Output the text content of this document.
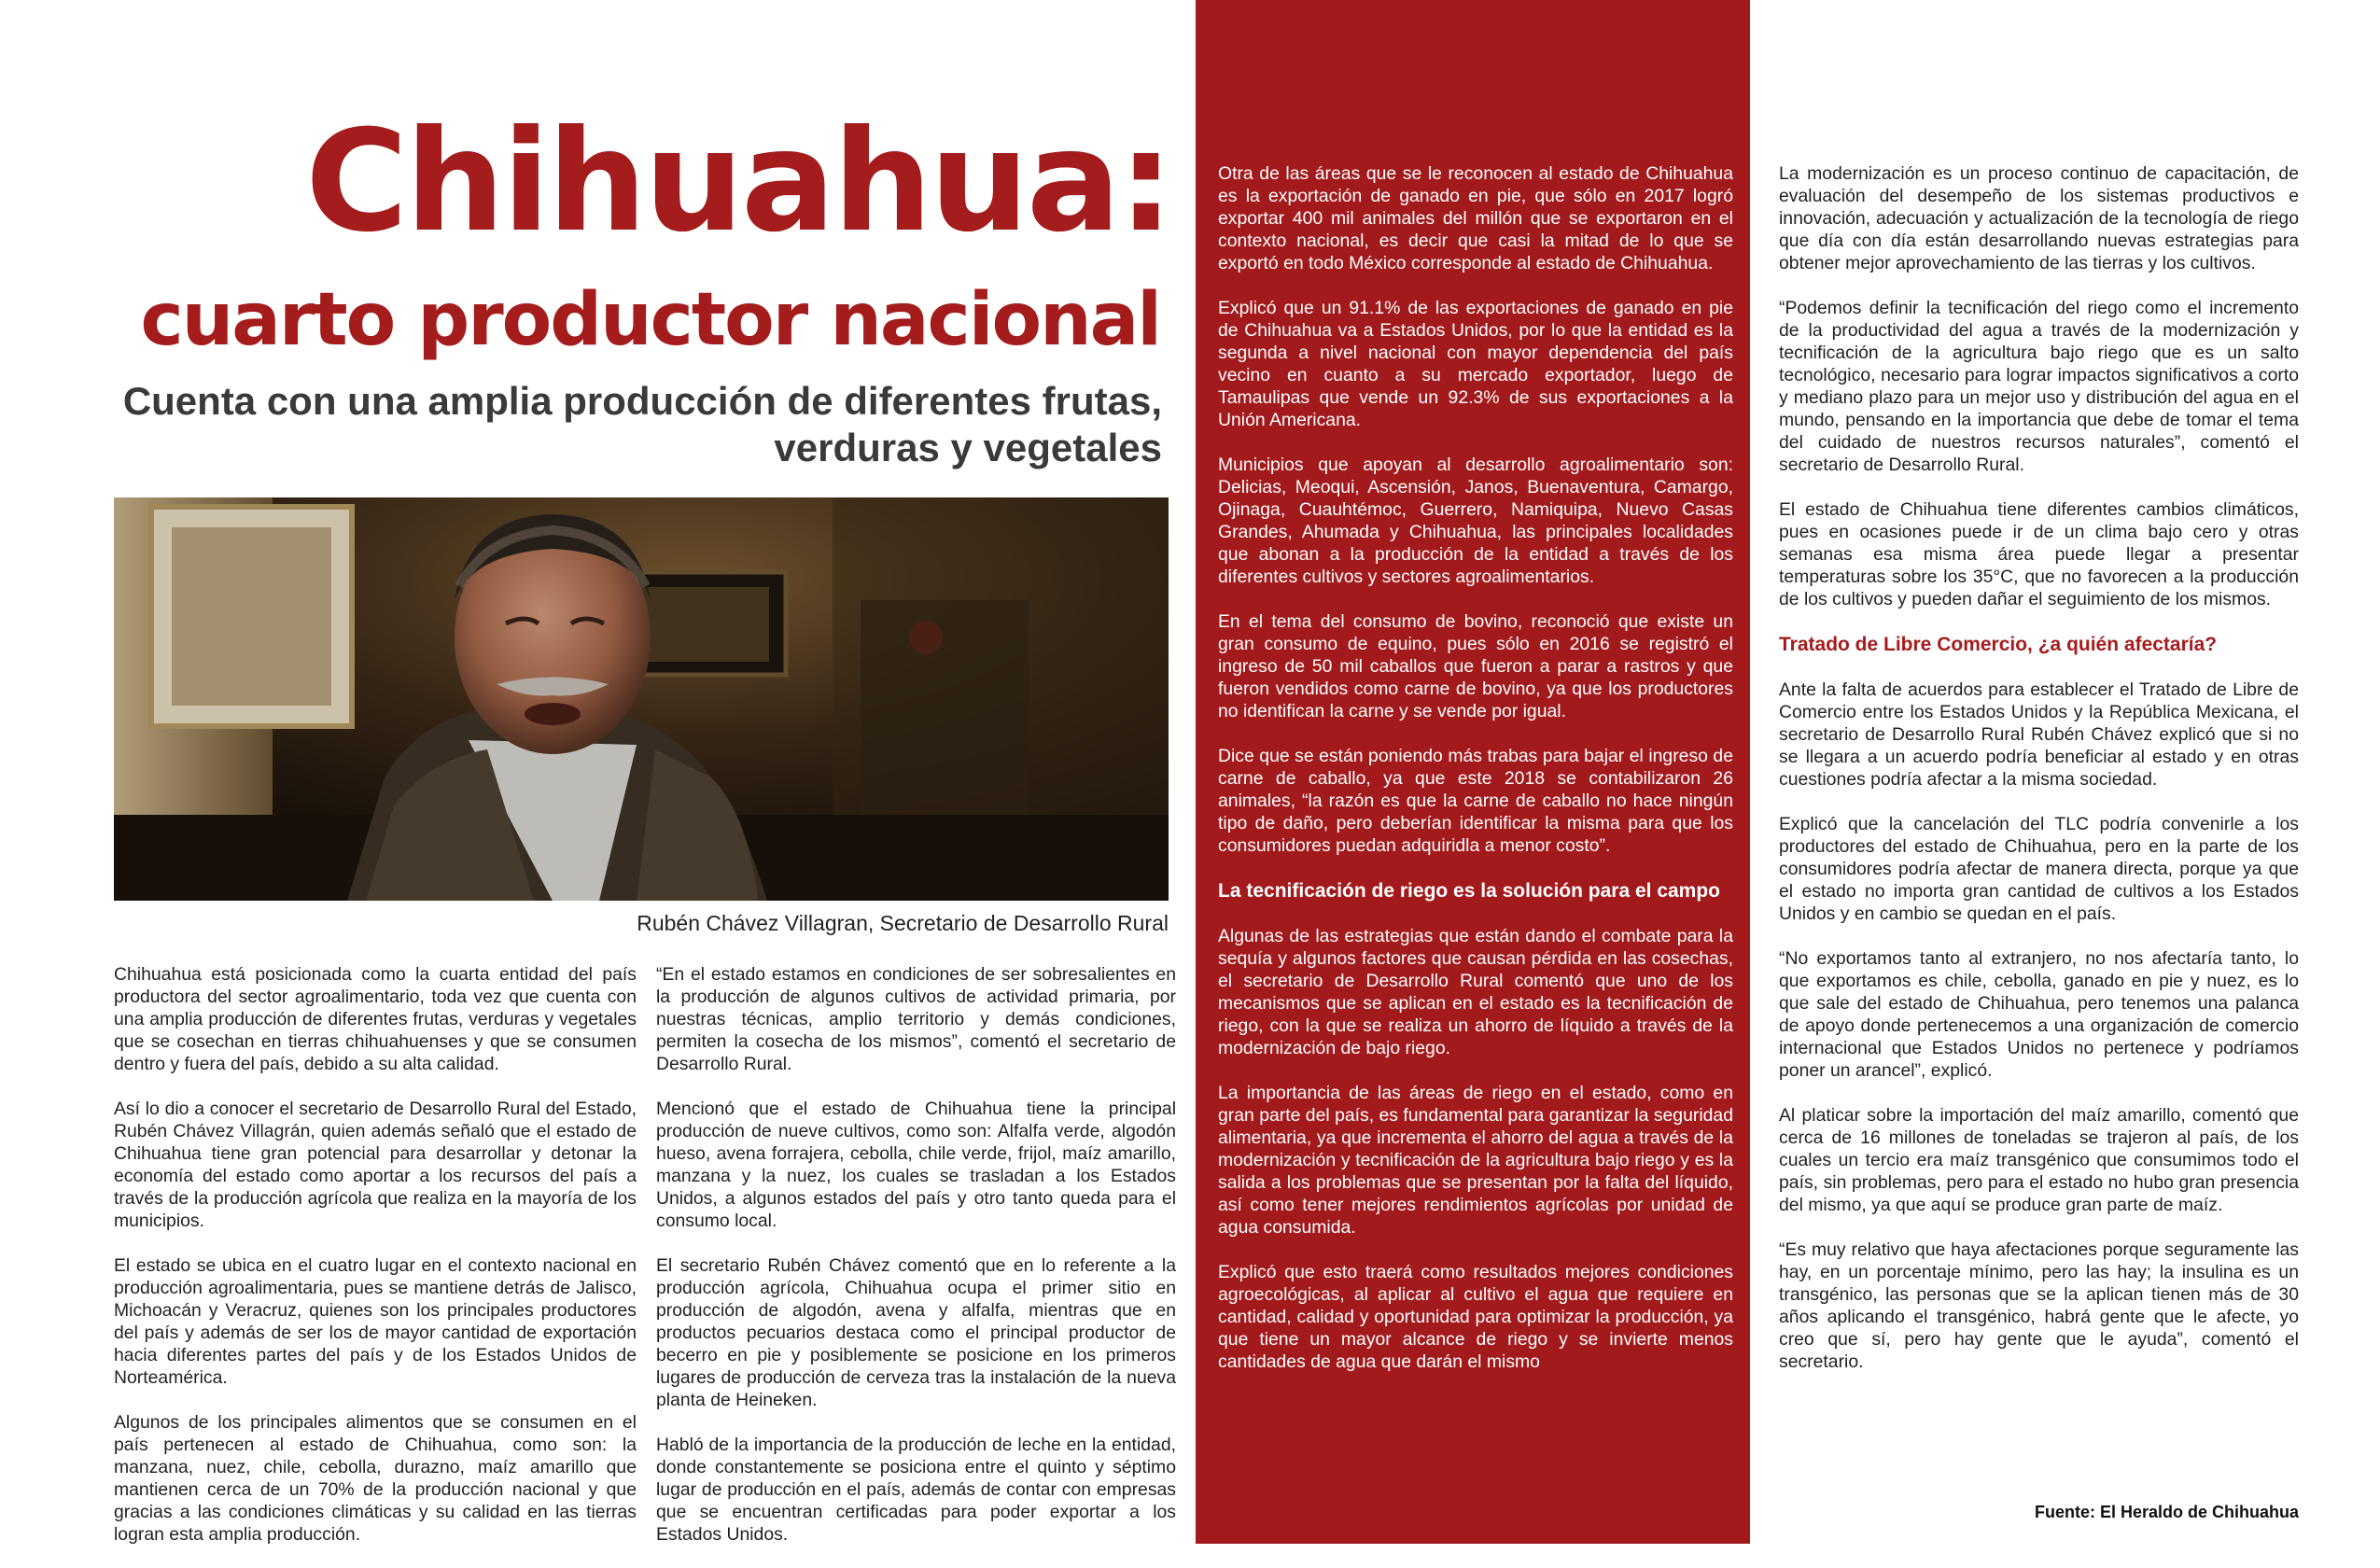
Chihuahua:
cuarto productor nacional
Cuenta con una amplia producción de diferentes frutas,
verduras y vegetales
Rubén Chávez Villagran, Secretario de Desarrollo Rural

Chihuahua está posicionada como la cuarta entidad del país productora del sector agroalimentario, toda vez que cuenta con una amplia producción de diferentes frutas, verduras y vegetales que se cosechan en tierras chihuahuenses y que se consumen dentro y fuera del país, debido a su alta calidad.

Así lo dio a conocer el secretario de Desarrollo Rural del Estado, Rubén Chávez Villagrán, quien además señaló que el estado de Chihuahua tiene gran potencial para desarrollar y detonar la economía del estado como aportar a los recursos del país a través de la producción agrícola que realiza en la mayoría de los municipios.

El estado se ubica en el cuatro lugar en el contexto nacional en producción agroalimentaria, pues se mantiene detrás de Jalisco, Michoacán y Veracruz, quienes son los principales productores del país y además de ser los de mayor cantidad de exportación hacia diferentes partes del país y de los Estados Unidos de Norteamérica.

Algunos de los principales alimentos que se consumen en el país pertenecen al estado de Chihuahua, como son: la manzana, nuez, chile, cebolla, durazno, maíz amarillo que mantienen cerca de un 70% de la producción nacional y que gracias a las condiciones climáticas y su calidad en las tierras logran esta amplia producción.

“En el estado estamos en condiciones de ser sobresalientes en la producción de algunos cultivos de actividad primaria, por nuestras técnicas, amplio territorio y demás condiciones, permiten la cosecha de los mismos”, comentó el secretario de Desarrollo Rural.

Mencionó que el estado de Chihuahua tiene la principal producción de nueve cultivos, como son: Alfalfa verde, algodón hueso, avena forrajera, cebolla, chile verde, frijol, maíz amarillo, manzana y la nuez, los cuales se trasladan a los Estados Unidos, a algunos estados del país y otro tanto queda para el consumo local.

El secretario Rubén Chávez comentó que en lo referente a la producción agrícola, Chihuahua ocupa el primer sitio en producción de algodón, avena y alfalfa, mientras que en productos pecuarios destaca como el principal productor de becerro en pie y posiblemente se posicione en los primeros lugares de producción de cerveza tras la instalación de la nueva planta de Heineken.

Habló de la importancia de la producción de leche en la entidad, donde constantemente se posiciona entre el quinto y séptimo lugar de producción en el país, además de contar con empresas que se encuentran certificadas para poder exportar a los Estados Unidos.

Otra de las áreas que se le reconocen al estado de Chihuahua es la exportación de ganado en pie, que sólo en 2017 logró exportar 400 mil animales del millón que se exportaron en el contexto nacional, es decir que casi la mitad de lo que se exportó en todo México corresponde al estado de Chihuahua.

Explicó que un 91.1% de las exportaciones de ganado en pie de Chihuahua va a Estados Unidos, por lo que la entidad es la segunda a nivel nacional con mayor dependencia del país vecino en cuanto a su mercado exportador, luego de Tamaulipas que vende un 92.3% de sus exportaciones a la Unión Americana.

Municipios que apoyan al desarrollo agroalimentario son: Delicias, Meoqui, Ascensión, Janos, Buenaventura, Camargo, Ojinaga, Cuauhtémoc, Guerrero, Namiquipa, Nuevo Casas Grandes, Ahumada y Chihuahua, las principales localidades que abonan a la producción de la entidad a través de los diferentes cultivos y sectores agroalimentarios.

En el tema del consumo de bovino, reconoció que existe un gran consumo de equino, pues sólo en 2016 se registró el ingreso de 50 mil caballos que fueron a parar a rastros y que fueron vendidos como carne de bovino, ya que los productores no identifican la carne y se vende por igual.

Dice que se están poniendo más trabas para bajar el ingreso de carne de caballo, ya que este 2018 se contabilizaron 26 animales, “la razón es que la carne de caballo no hace ningún tipo de daño, pero deberían identificar la misma para que los consumidores puedan adquiridla a menor costo”.

La tecnificación de riego es la solución para el campo

Algunas de las estrategias que están dando el combate para la sequía y algunos factores que causan pérdida en las cosechas, el secretario de Desarrollo Rural comentó que uno de los mecanismos que se aplican en el estado es la tecnificación de riego, con la que se realiza un ahorro de líquido a través de la modernización de bajo riego.

La importancia de las áreas de riego en el estado, como en gran parte del país, es fundamental para garantizar la seguridad alimentaria, ya que incrementa el ahorro del agua a través de la modernización y tecnificación de la agricultura bajo riego y es la salida a los problemas que se presentan por la falta del líquido, así como tener mejores rendimientos agrícolas por unidad de agua consumida.

Explicó que esto traerá como resultados mejores condiciones agroecológicas, al aplicar al cultivo el agua que requiere en cantidad, calidad y oportunidad para optimizar la producción, ya que tiene un mayor alcance de riego y se invierte menos cantidades de agua que darán el mismo

La modernización es un proceso continuo de capacitación, de evaluación del desempeño de los sistemas productivos e innovación, adecuación y actualización de la tecnología de riego que día con día están desarrollando nuevas estrategias para obtener mejor aprovechamiento de las tierras y los cultivos.

“Podemos definir la tecnificación del riego como el incremento de la productividad del agua a través de la modernización y tecnificación de la agricultura bajo riego que es un salto tecnológico, necesario para lograr impactos significativos a corto y mediano plazo para un mejor uso y distribución del agua en el mundo, pensando en la importancia que debe de tomar el tema del cuidado de nuestros recursos naturales”, comentó el secretario de Desarrollo Rural.

El estado de Chihuahua tiene diferentes cambios climáticos, pues en ocasiones puede ir de un clima bajo cero y otras semanas esa misma área puede llegar a presentar temperaturas sobre los 35°C, que no favorecen a la producción de los cultivos y pueden dañar el seguimiento de los mismos.

Tratado de Libre Comercio, ¿a quién afectaría?

Ante la falta de acuerdos para establecer el Tratado de Libre de Comercio entre los Estados Unidos y la República Mexicana, el secretario de Desarrollo Rural Rubén Chávez explicó que si no se llegara a un acuerdo podría beneficiar al estado y en otras cuestiones podría afectar a la misma sociedad.

Explicó que la cancelación del TLC podría convenirle a los productores del estado de Chihuahua, pero en la parte de los consumidores podría afectar de manera directa, porque ya que el estado no importa gran cantidad de cultivos a los Estados Unidos y en cambio se quedan en el país.

“No exportamos tanto al extranjero, no nos afectaría tanto, lo que exportamos es chile, cebolla, ganado en pie y nuez, es lo que sale del estado de Chihuahua, pero tenemos una palanca de apoyo donde pertenecemos a una organización de comercio internacional que Estados Unidos no pertenece y podríamos poner un arancel”, explicó.

Al platicar sobre la importación del maíz amarillo, comentó que cerca de 16 millones de toneladas se trajeron al país, de los cuales un tercio era maíz transgénico que consumimos todo el país, sin problemas, pero para el estado no hubo gran presencia del mismo, ya que aquí se produce gran parte de maíz.

“Es muy relativo que haya afectaciones porque seguramente las hay, en un porcentaje mínimo, pero las hay; la insulina es un transgénico, las personas que se la aplican tienen más de 30 años aplicando el transgénico, habrá gente que le afecte, yo creo que sí, pero hay gente que le ayuda”, comentó el secretario.

Fuente: El Heraldo de Chihuahua
